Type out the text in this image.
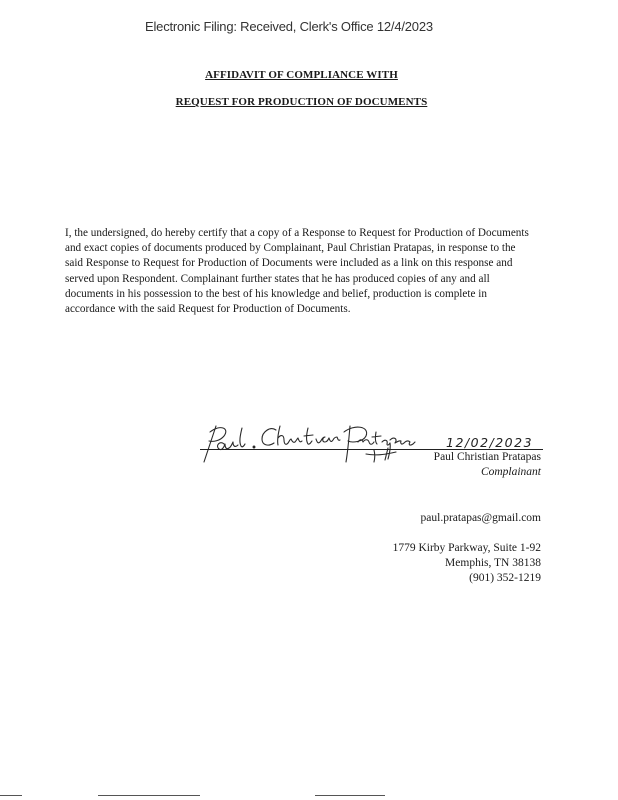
Electronic Filing: Received, Clerk's Office 12/4/2023
AFFIDAVIT OF COMPLIANCE WITH
REQUEST FOR PRODUCTION OF DOCUMENTS

I, the undersigned, do hereby certify that a copy of a Response to Request for Production of Documents and exact copies of documents produced by Complainant, Paul Christian Pratapas, in response to the said Response to Request for Production of Documents were included as a link on this response and served upon Respondent. Complainant further states that he has produced copies of any and all documents in his possession to the best of his knowledge and belief, production is complete in accordance with the said Request for Production of Documents.

12/02/2023
Paul Christian Pratapas
Complainant
paul.pratapas@gmail.com
1779 Kirby Parkway, Suite 1-92
Memphis, TN 38138
(901) 352-1219
